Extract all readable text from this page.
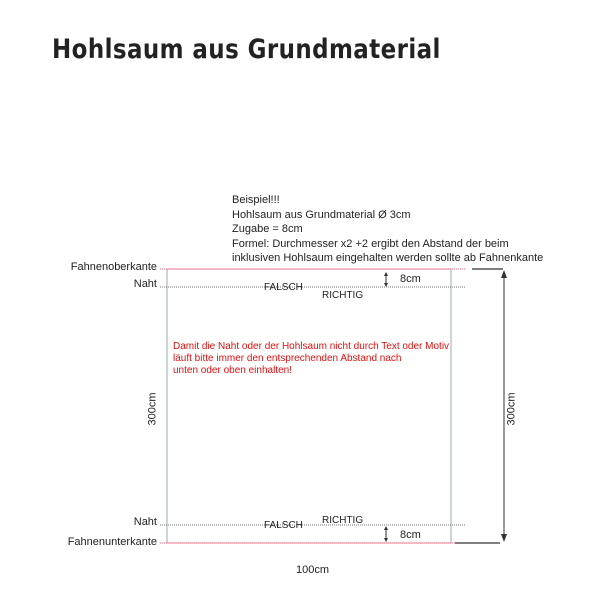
Hohlsaum aus Grundmaterial
Beispiel!!!
Hohlsaum aus Grundmaterial Ø 3cm
Zugabe = 8cm
Formel: Durchmesser x2 +2 ergibt den Abstand der beim
inklusiven Hohlsaum eingehalten werden sollte ab Fahnenkante
Fahnenoberkante
Naht
Naht
Fahnenunterkante
FALSCH
RICHTIG
FALSCH RICHTIG
8cm
8cm
Damit die Naht oder der Hohlsaum nicht durch Text oder Motiv
läuft bitte immer den entsprechenden Abstand nach
unten oder oben einhalten!
300cm	300cm
100cm
